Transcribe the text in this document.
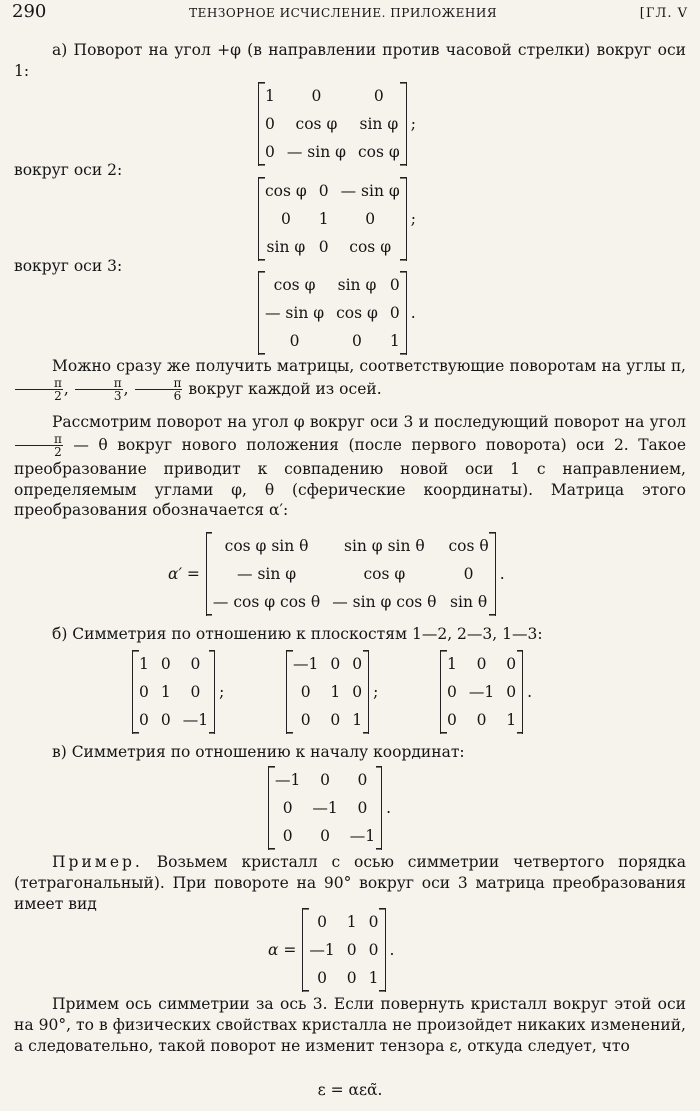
290	ТЕНЗОРНОЕ ИСЧИСЛЕНИЕ. ПРИЛОЖЕНИЯ	[ГЛ. V
а) Поворот на угол +φ (в направлении против часовой стрелки) вокруг оси 1:
1	0	0
0	cos φ	sin φ
0	— sin φ	cos φ
;
вокруг оси 2:
cos φ	0	— sin φ
0	1	0
sin φ	0	cos φ
;
вокруг оси 3:
cos φ	sin φ	0
— sin φ	cos φ	0
0	0	1
.
Можно сразу же получить матрицы, соответствующие поворотам на углы π,
$\frac{\pi}{2}$ , $\frac{\pi}{3}$ , $\frac{\pi}{6}$ вокруг каждой из осей.
Рассмотрим поворот на угол φ вокруг оси 3 и последующий поворот на угол
$\frac{\pi}{2}$ — θ вокруг нового положения (после первого поворота) оси 2. Такое преобразование приводит к совпадению новой оси 1 с направлением, определяемым углами φ, θ (сферические координаты). Матрица этого преобразования обозначается α′:
α′ =
cos φ sin θ	sin φ sin θ	cos θ
— sin φ	cos φ	0
— cos φ cos θ	— sin φ cos θ	sin θ
.
б) Симметрия по отношению к плоскостям 1—2, 2—3, 1—3:
1	0	0
0	1	0
0	0	—1
;
—1	0	0
0	1	0
0	0	1
;
1	0	0
0	—1	0
0	0	1
.
в) Симметрия по отношению к началу координат:
—1	0	0
0	—1	0
0	0	—1
.
Пример. Возьмем кристалл с осью симметрии четвертого порядка (тетрагональный). При повороте на 90° вокруг оси 3 матрица преобразования имеет вид
α =
0	1	0
—1	0	0
0	0	1
.
Примем ось симметрии за ось 3. Если повернуть кристалл вокруг этой оси на 90°, то в физических свойствах кристалла не произойдет никаких изменений, а следовательно, такой поворот не изменит тензора ε, откуда следует, что
ε = αεα̃.
